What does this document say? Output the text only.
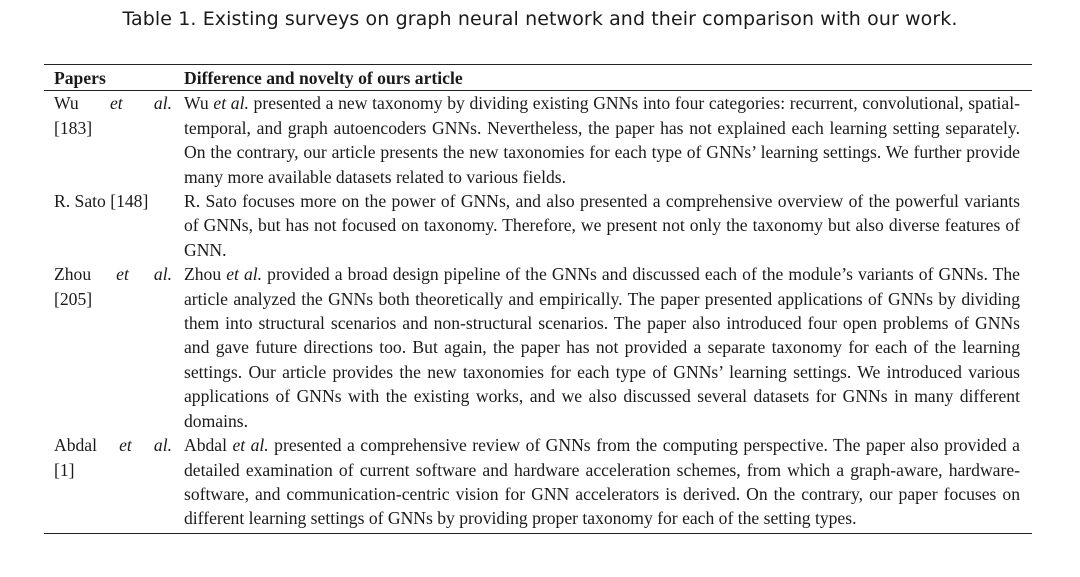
Table 1. Existing surveys on graph neural network and their comparison with our work.
Papers	Difference and novelty of ours article
Wu et al.
[183]
Wu et al. presented a new taxonomy by dividing existing GNNs into four categories: recurrent, convolutional, spatial-temporal, and graph autoencoders GNNs. Nevertheless, the paper has not explained each learning setting separately. On the contrary, our article presents the new taxonomies for each type of GNNs’ learning settings. We further provide many more available datasets related to various fields.
R. Sato [148]	R. Sato focuses more on the power of GNNs, and also presented a comprehensive overview of the powerful variants of GNNs, but has not focused on taxonomy. Therefore, we present not only the taxonomy but also diverse features of GNN.
Zhou et al.
[205]
Zhou et al. provided a broad design pipeline of the GNNs and discussed each of the module’s variants of GNNs. The article analyzed the GNNs both theoretically and empirically. The paper presented applications of GNNs by dividing them into structural scenarios and non-structural scenarios. The paper also introduced four open problems of GNNs and gave future directions too. But again, the paper has not provided a separate taxonomy for each of the learning settings. Our article provides the new taxonomies for each type of GNNs’ learning settings. We introduced various applications of GNNs with the existing works, and we also discussed several datasets for GNNs in many different domains.
Abdal et al.
[1]
Abdal et al. presented a comprehensive review of GNNs from the computing perspective. The paper also provided a detailed examination of current software and hardware acceleration schemes, from which a graph-aware, hardware-software, and communication-centric vision for GNN accelerators is derived. On the contrary, our paper focuses on different learning settings of GNNs by providing proper taxonomy for each of the setting types.
